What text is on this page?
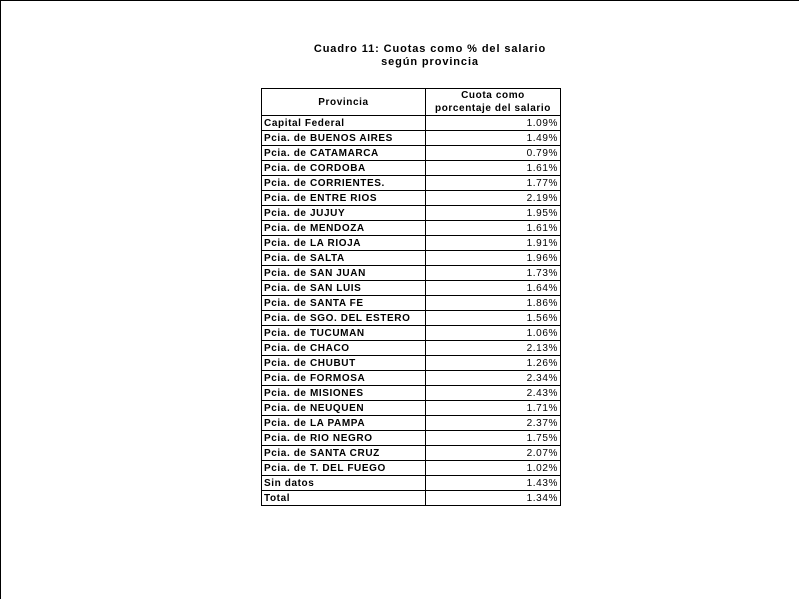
Cuadro 11: Cuotas como % del salario
según provincia
Provincia	Cuota como
porcentaje del salario

Capital Federal	1.09%
Pcia. de BUENOS AIRES	1.49%
Pcia. de CATAMARCA	0.79%
Pcia. de CORDOBA	1.61%
Pcia. de CORRIENTES.	1.77%
Pcia. de ENTRE RIOS	2.19%
Pcia. de JUJUY	1.95%
Pcia. de MENDOZA	1.61%
Pcia. de LA RIOJA	1.91%
Pcia. de SALTA	1.96%
Pcia. de SAN JUAN	1.73%
Pcia. de SAN LUIS	1.64%
Pcia. de SANTA FE	1.86%
Pcia. de SGO. DEL ESTERO	1.56%
Pcia. de TUCUMAN	1.06%
Pcia. de CHACO	2.13%
Pcia. de CHUBUT	1.26%
Pcia. de FORMOSA	2.34%
Pcia. de MISIONES	2.43%
Pcia. de NEUQUEN	1.71%
Pcia. de LA PAMPA	2.37%
Pcia. de RIO NEGRO	1.75%
Pcia. de SANTA CRUZ	2.07%
Pcia. de T. DEL FUEGO	1.02%
Sin datos	1.43%
Total	1.34%
